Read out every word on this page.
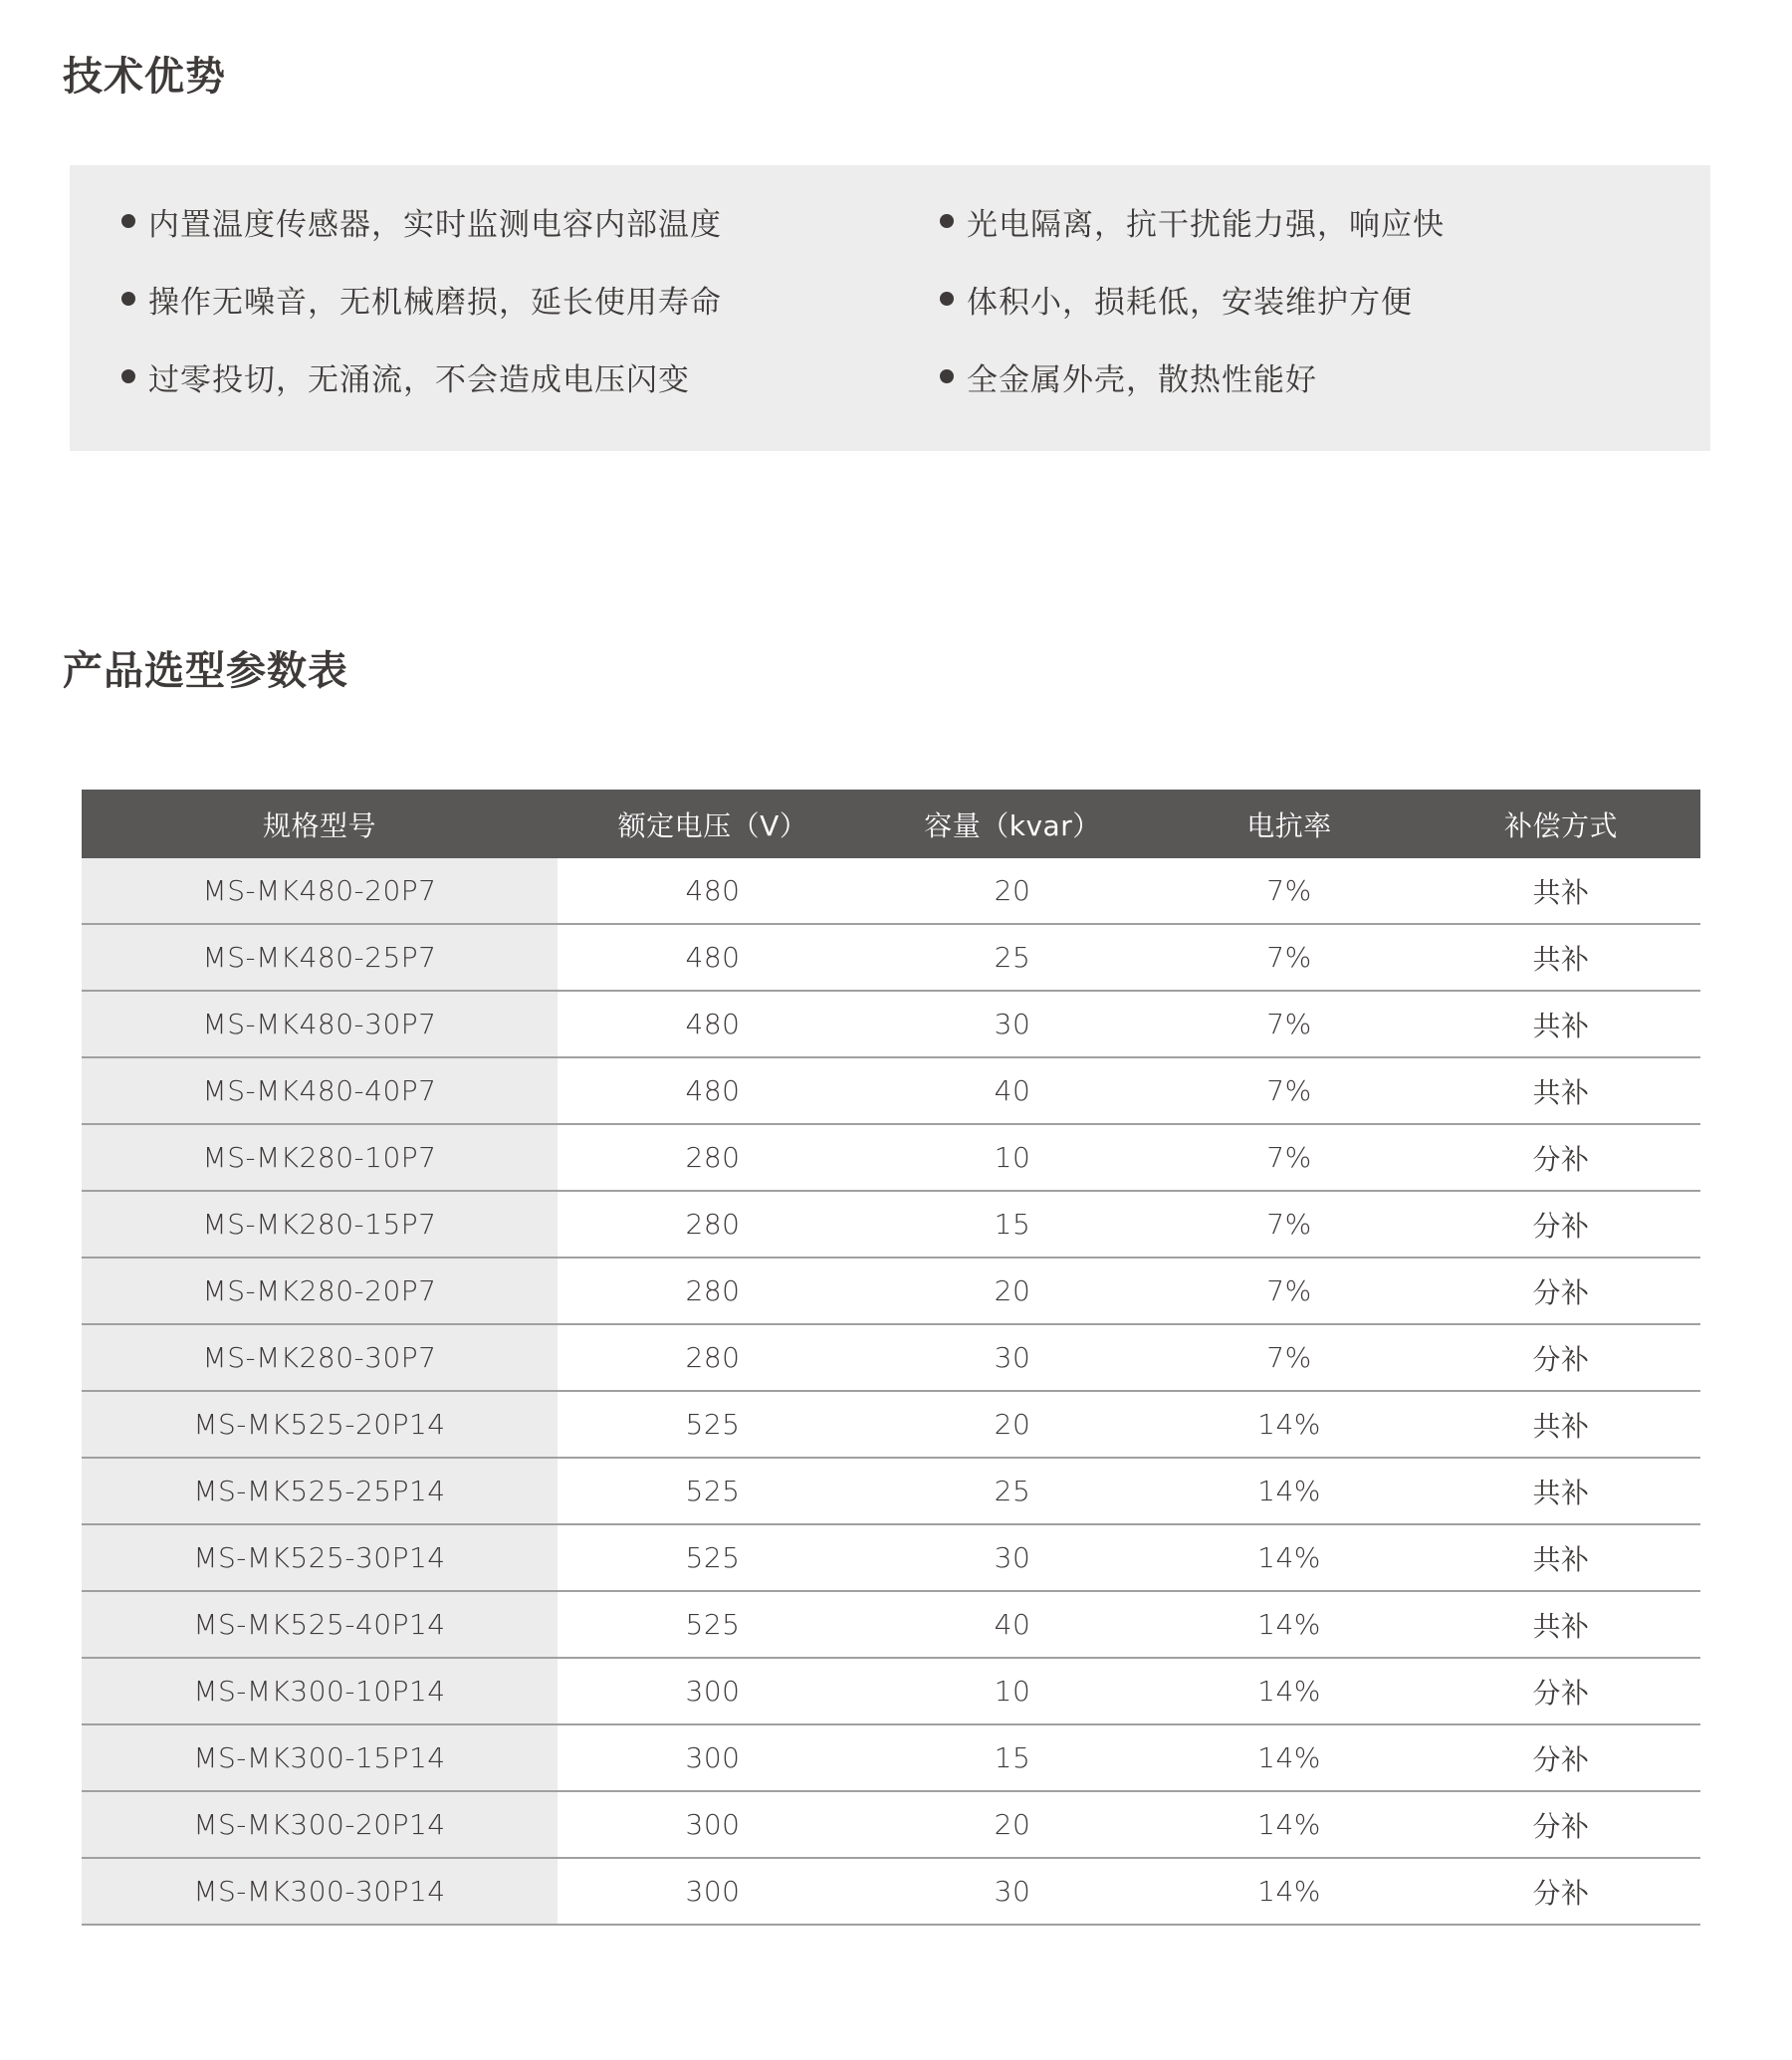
技术优势
内置温度传感器，实时监测电容内部温度
操作无噪音，无机械磨损，延长使用寿命
过零投切，无涌流，不会造成电压闪变
光电隔离，抗干扰能力强，响应快
体积小，损耗低，安装维护方便
全金属外壳，散热性能好
产品选型参数表
规格型号	额定电压（V）	容量（kvar）	电抗率	补偿方式
MS-MK480-20P7	480	20	7%	共补
MS-MK480-25P7	480	25	7%	共补
MS-MK480-30P7	480	30	7%	共补
MS-MK480-40P7	480	40	7%	共补
MS-MK280-10P7	280	10	7%	分补
MS-MK280-15P7	280	15	7%	分补
MS-MK280-20P7	280	20	7%	分补
MS-MK280-30P7	280	30	7%	分补
MS-MK525-20P14	525	20	14%	共补
MS-MK525-25P14	525	25	14%	共补
MS-MK525-30P14	525	30	14%	共补
MS-MK525-40P14	525	40	14%	共补
MS-MK300-10P14	300	10	14%	分补
MS-MK300-15P14	300	15	14%	分补
MS-MK300-20P14	300	20	14%	分补
MS-MK300-30P14	300	30	14%	分补
